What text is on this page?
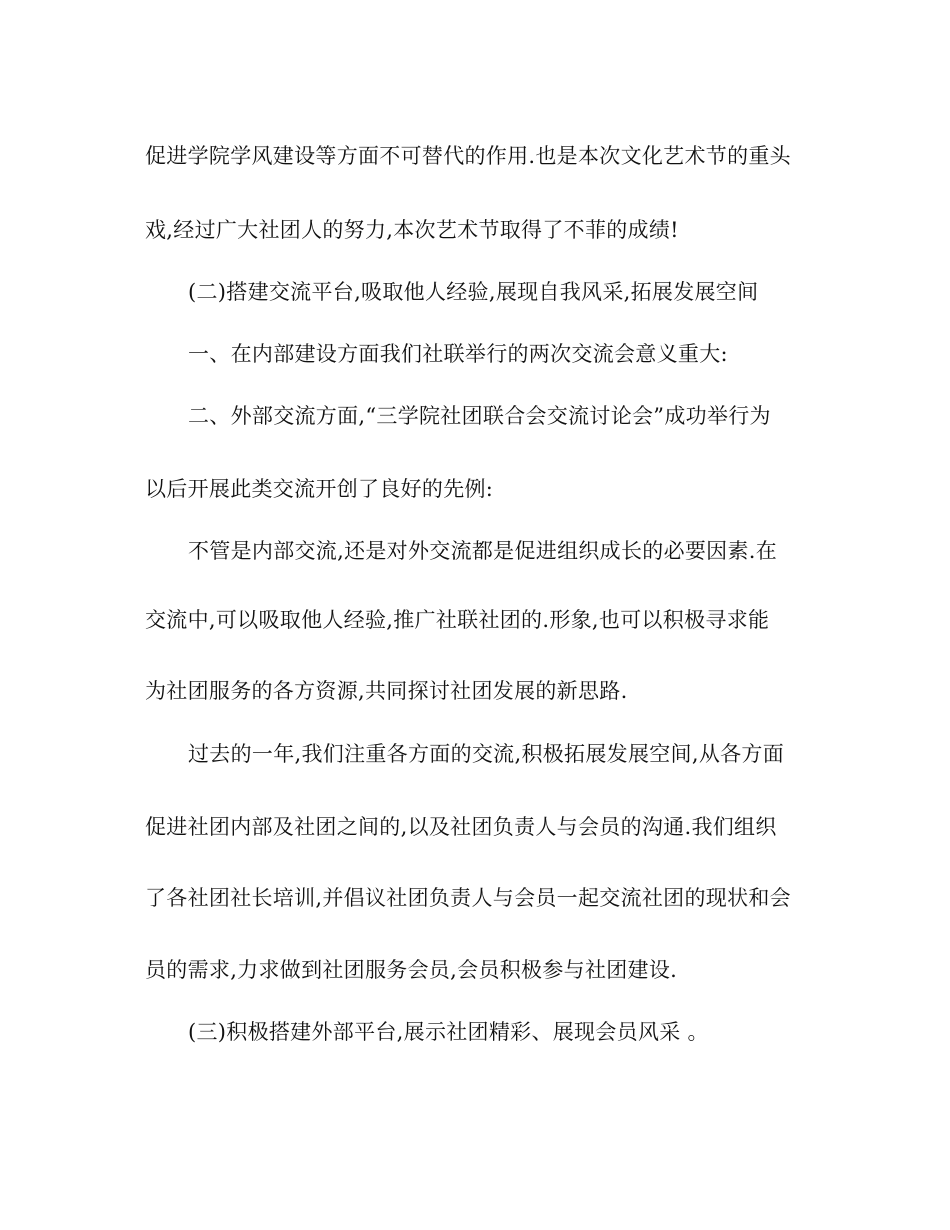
促进学院学风建设等方面不可替代的作用.也是本次文化艺术节的重头
戏,经过广大社团人的努力,本次艺术节取得了不菲的成绩!
(二)搭建交流平台,吸取他人经验,展现自我风采,拓展发展空间
一、在内部建设方面我们社联举行的两次交流会意义重大:
二、外部交流方面,“三学院社团联合会交流讨论会”成功举行为
以后开展此类交流开创了良好的先例:
不管是内部交流,还是对外交流都是促进组织成长的必要因素.在
交流中,可以吸取他人经验,推广社联社团的.形象,也可以积极寻求能
为社团服务的各方资源,共同探讨社团发展的新思路.
过去的一年,我们注重各方面的交流,积极拓展发展空间,从各方面
促进社团内部及社团之间的,以及社团负责人与会员的沟通.我们组织
了各社团社长培训,并倡议社团负责人与会员一起交流社团的现状和会
员的需求,力求做到社团服务会员,会员积极参与社团建设.
(三)积极搭建外部平台,展示社团精彩、展现会员风采 。
